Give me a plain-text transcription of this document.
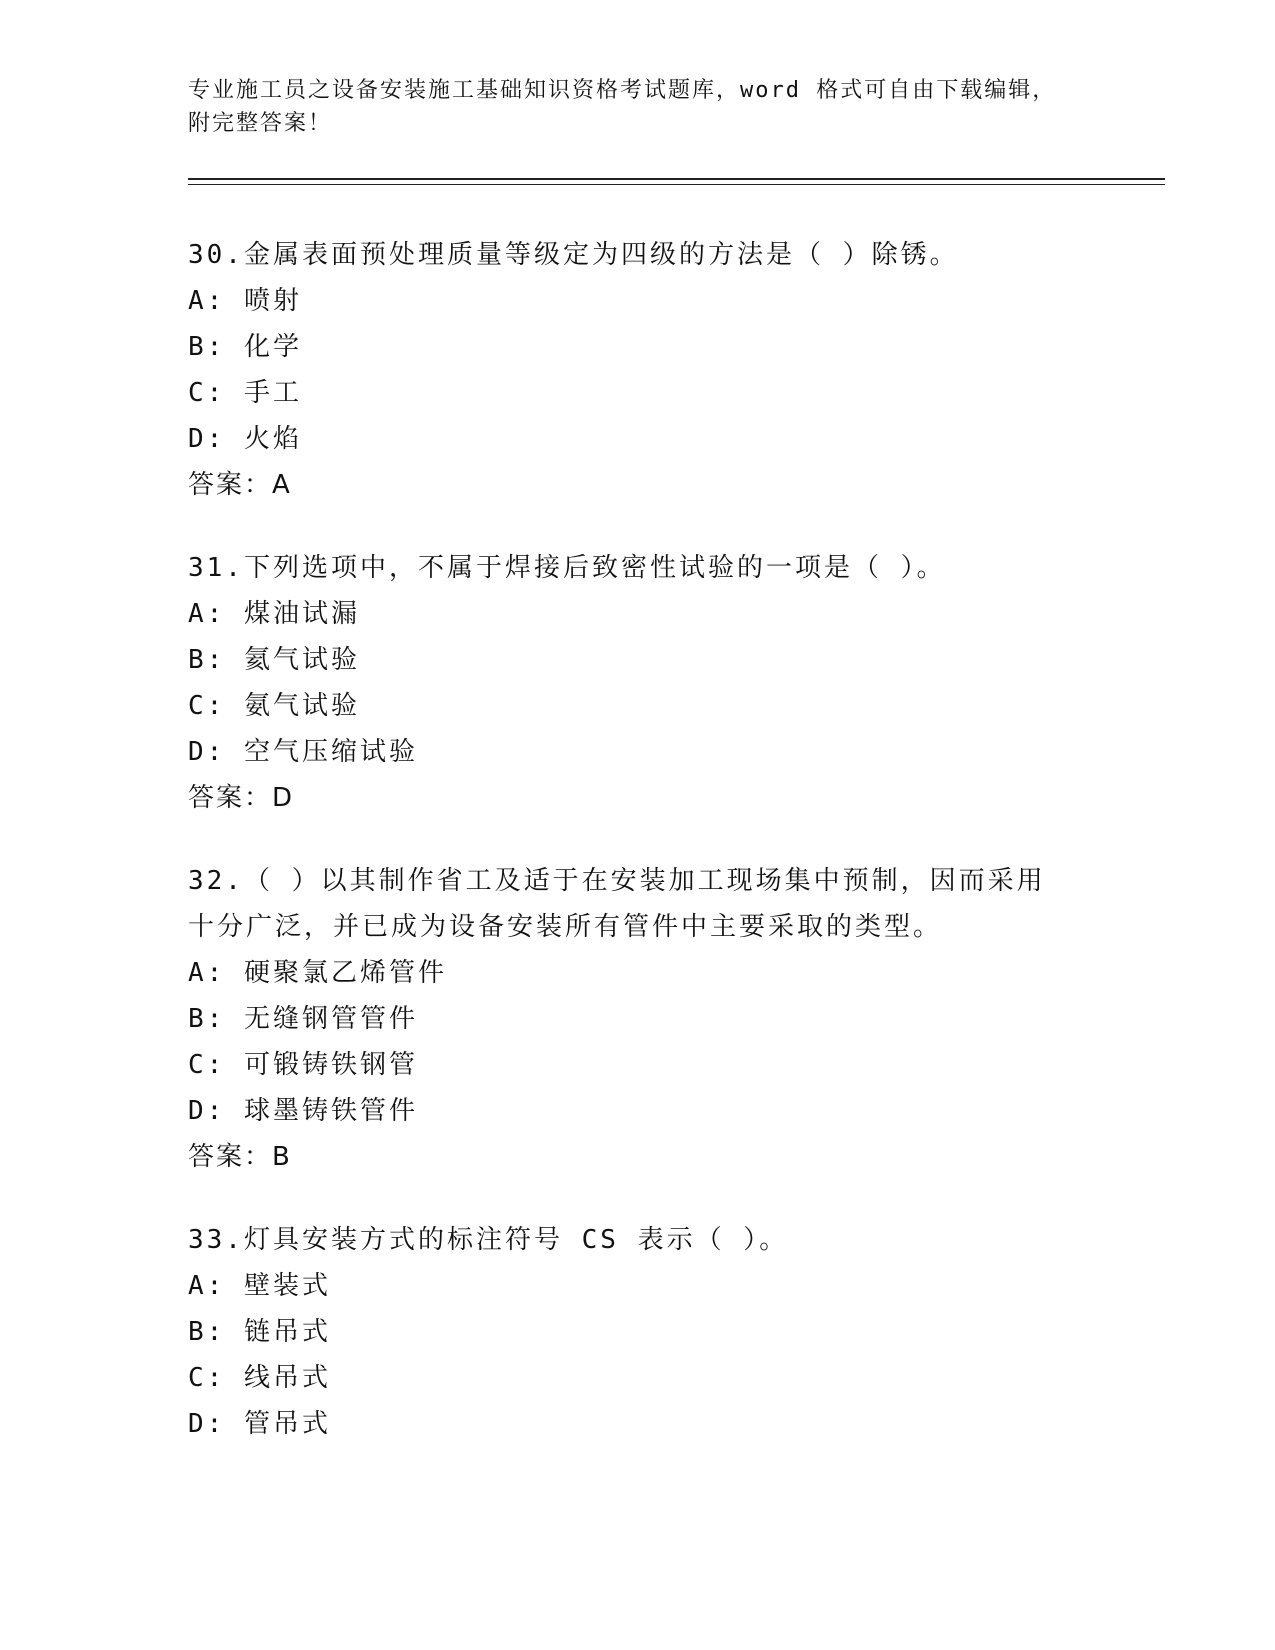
专业施工员之设备安装施工基础知识资格考试题库，word 格式可自由下载编辑，
附完整答案！

30.金属表面预处理质量等级定为四级的方法是（ ）除锈。

A: 喷射

B: 化学

C: 手工

D: 火焰

答案：A

31.下列选项中，不属于焊接后致密性试验的一项是（ ）。

A: 煤油试漏

B: 氦气试验

C: 氨气试验

D: 空气压缩试验

答案：D

32.（ ）以其制作省工及适于在安装加工现场集中预制，因而采用十分广泛，并已成为设备安装所有管件中主要采取的类型。

A: 硬聚氯乙烯管件

B: 无缝钢管管件

C: 可锻铸铁钢管

D: 球墨铸铁管件

答案：B

33.灯具安装方式的标注符号 CS 表示（ ）。

A: 壁装式

B: 链吊式

C: 线吊式

D: 管吊式
